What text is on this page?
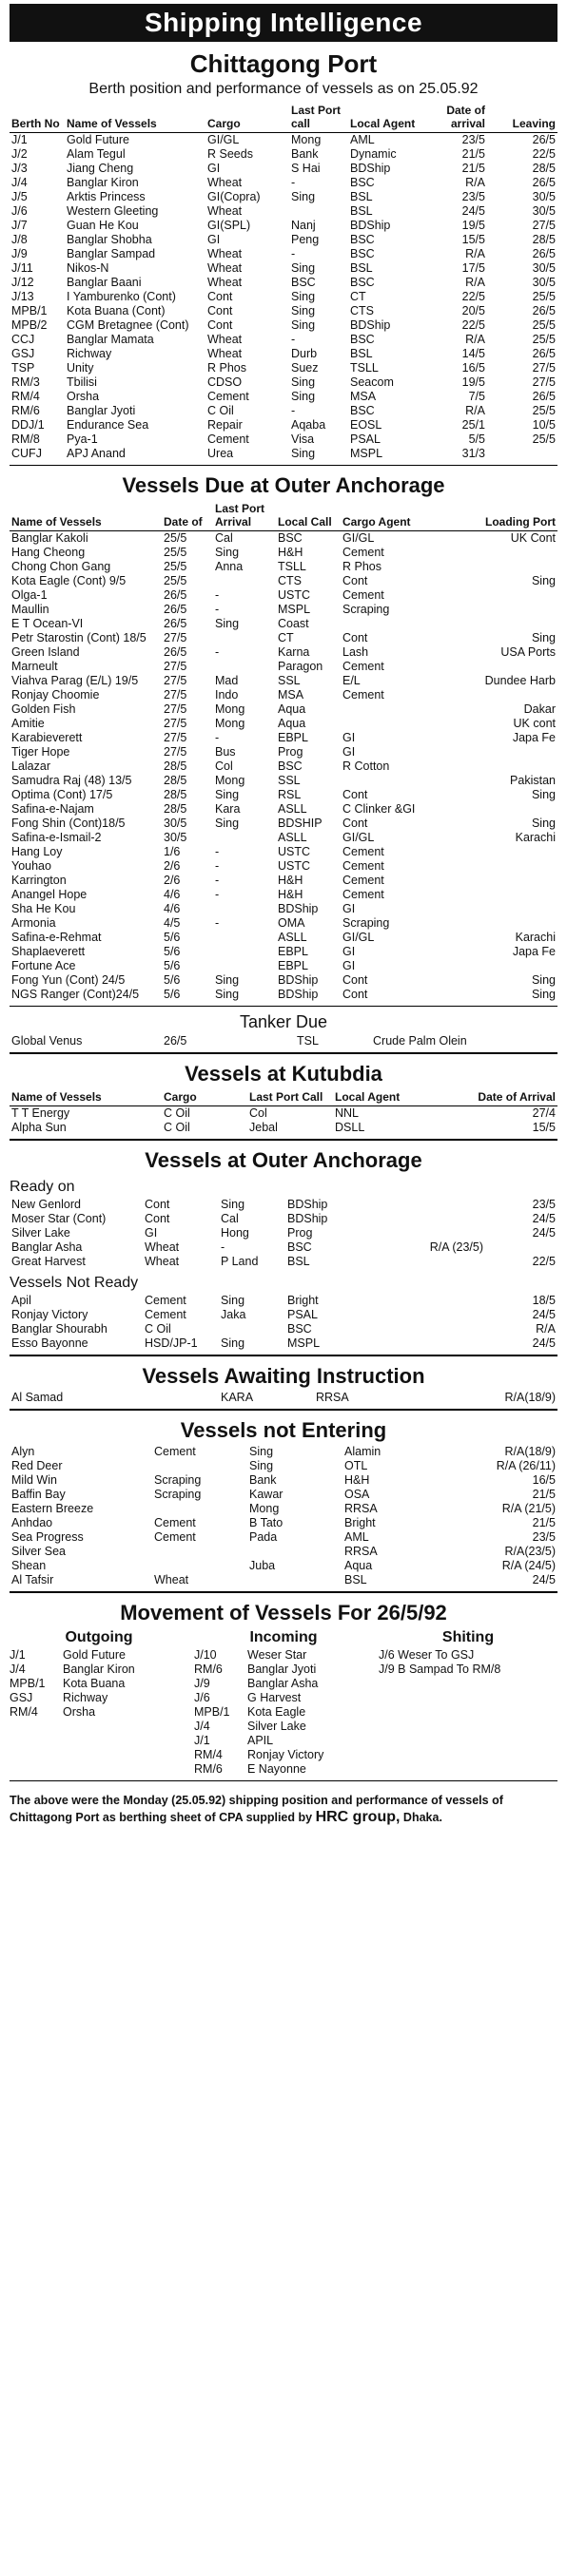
Shipping Intelligence
Chittagong Port
Berth position and performance of vessels as on 25.05.92
Berth No	Name of Vessels	Cargo	Last Port call	Local Agent	Date of arrival	Leaving
J/1	Gold Future	GI/GL	Mong	AML	23/5	26/5
J/2	Alam Tegul	R Seeds	Bank	Dynamic	21/5	22/5
J/3	Jiang Cheng	GI	S Hai	BDShip	21/5	28/5
J/4	Banglar Kiron	Wheat	-	BSC	R/A	26/5
J/5	Arktis Princess	GI(Copra)	Sing	BSL	23/5	30/5
J/6	Western Gleeting	Wheat		BSL	24/5	30/5
J/7	Guan He Kou	GI(SPL)	Nanj	BDShip	19/5	27/5
J/8	Banglar Shobha	GI	Peng	BSC	15/5	28/5
J/9	Banglar Sampad	Wheat	-	BSC	R/A	26/5
J/11	Nikos-N	Wheat	Sing	BSL	17/5	30/5
J/12	Banglar Baani	Wheat	BSC	BSC	R/A	30/5
J/13	I Yamburenko (Cont)	Cont	Sing	CT	22/5	25/5
MPB/1	Kota Buana (Cont)	Cont	Sing	CTS	20/5	26/5
MPB/2	CGM Bretagnee (Cont)	Cont	Sing	BDShip	22/5	25/5
CCJ	Banglar Mamata	Wheat	-	BSC	R/A	25/5
GSJ	Richway	Wheat	Durb	BSL	14/5	26/5
TSP	Unity	R Phos	Suez	TSLL	16/5	27/5
RM/3	Tbilisi	CDSO	Sing	Seacom	19/5	27/5
RM/4	Orsha	Cement	Sing	MSA	7/5	26/5
RM/6	Banglar Jyoti	C Oil	-	BSC	R/A	25/5
DDJ/1	Endurance Sea	Repair	Aqaba	EOSL	25/1	10/5
RM/8	Pya-1	Cement	Visa	PSAL	5/5	25/5
CUFJ	APJ Anand	Urea	Sing	MSPL	31/3	
Vessels Due at Outer Anchorage
Name of Vessels	Date of	Last Port Arrival	Local Call	Cargo Agent		Loading Port
Banglar Kakoli	25/5	Cal	BSC	GI/GL		UK Cont
Hang Cheong	25/5	Sing	H&H	Cement		
Chong Chon Gang	25/5	Anna	TSLL	R Phos		
Kota Eagle (Cont) 9/5	25/5		CTS	Cont		Sing
Olga-1	26/5	-	USTC	Cement		
Maullin	26/5	-	MSPL	Scraping		
E T Ocean-VI	26/5	Sing	Coast			
Petr Starostin (Cont) 18/5	27/5		CT	Cont		Sing
Green Island	26/5	-	Karna	Lash		USA Ports
Marneult	27/5		Paragon	Cement		
Viahva Parag (E/L) 19/5	27/5	Mad	SSL	E/L		Dundee Harb
Ronjay Choomie	27/5	Indo	MSA	Cement		
Golden Fish	27/5	Mong	Aqua			Dakar
Amitie	27/5	Mong	Aqua			UK cont
Karabieverett	27/5	-	EBPL	GI		Japa Fe
Tiger Hope	27/5	Bus	Prog	GI		
Lalazar	28/5	Col	BSC	R Cotton		
Samudra Raj (48) 13/5	28/5	Mong	SSL			Pakistan
Optima (Cont) 17/5	28/5	Sing	RSL	Cont		Sing
Safina-e-Najam	28/5	Kara	ASLL	C Clinker &GI		
Fong Shin (Cont)18/5	30/5	Sing	BDSHIP	Cont		Sing
Safina-e-Ismail-2	30/5		ASLL	GI/GL		Karachi
Hang Loy	1/6	-	USTC	Cement		
Youhao	2/6	-	USTC	Cement		
Karrington	2/6	-	H&H	Cement		
Anangel Hope	4/6	-	H&H	Cement		
Sha He Kou	4/6		BDShip	GI		
Armonia	4/5	-	OMA	Scraping		
Safina-e-Rehmat	5/6		ASLL	GI/GL		Karachi
Shaplaeverett	5/6		EBPL	GI		Japa Fe
Fortune Ace	5/6		EBPL	GI		
Fong Yun (Cont) 24/5	5/6	Sing	BDShip	Cont		Sing
NGS Ranger (Cont)24/5	5/6	Sing	BDShip	Cont		Sing
Tanker Due
Global Venus	26/5		TSL	Crude Palm Olein
Vessels at Kutubdia
Name of Vessels	Cargo	Last Port Call	Local Agent	Date of Arrival
T T Energy	C Oil	Col	NNL	27/4
Alpha Sun	C Oil	Jebal	DSLL	15/5
Vessels at Outer Anchorage
Ready on
New Genlord	Cont	Sing	BDShip		23/5
Moser Star (Cont)	Cont	Cal	BDShip		24/5
Silver Lake	GI	Hong	Prog		24/5
Banglar Asha	Wheat	-	BSC	R/A (23/5)	
Great Harvest	Wheat	P Land	BSL		22/5
Vessels Not Ready
Apil	Cement	Sing	Bright		18/5
Ronjay Victory	Cement	Jaka	PSAL		24/5
Banglar Shourabh	C Oil		BSC		R/A
Esso Bayonne	HSD/JP-1	Sing	MSPL		24/5
Vessels Awaiting Instruction
Al Samad		KARA	RRSA	R/A(18/9)
Vessels not Entering
Alyn	Cement	Sing	Alamin	R/A(18/9)
Red Deer		Sing	OTL	R/A (26/11)
Mild Win	Scraping	Bank	H&H	16/5
Baffin Bay	Scraping	Kawar	OSA	21/5
Eastern Breeze		Mong	RRSA	R/A (21/5)
Anhdao	Cement	B Tato	Bright	21/5
Sea Progress	Cement	Pada	AML	23/5
Silver Sea			RRSA	R/A(23/5)
Shean		Juba	Aqua	R/A (24/5)
Al Tafsir	Wheat		BSL	24/5
Movement of Vessels For 26/5/92
Outgoing
J/1	Gold Future
J/4	Banglar Kiron
MPB/1	Kota Buana
GSJ	Richway
RM/4	Orsha
Incoming
J/10	Weser Star
RM/6	Banglar Jyoti
J/9	Banglar Asha
J/6	G Harvest
MPB/1	Kota Eagle
J/4	Silver Lake
J/1	APIL
RM/4	Ronjay Victory
RM/6	E Nayonne
Shiting
J/6 Weser To GSJ
J/9 B Sampad To RM/8
The above were the Monday (25.05.92) shipping position and performance of vessels of Chittagong Port as berthing sheet of CPA supplied by HRC group, Dhaka.
